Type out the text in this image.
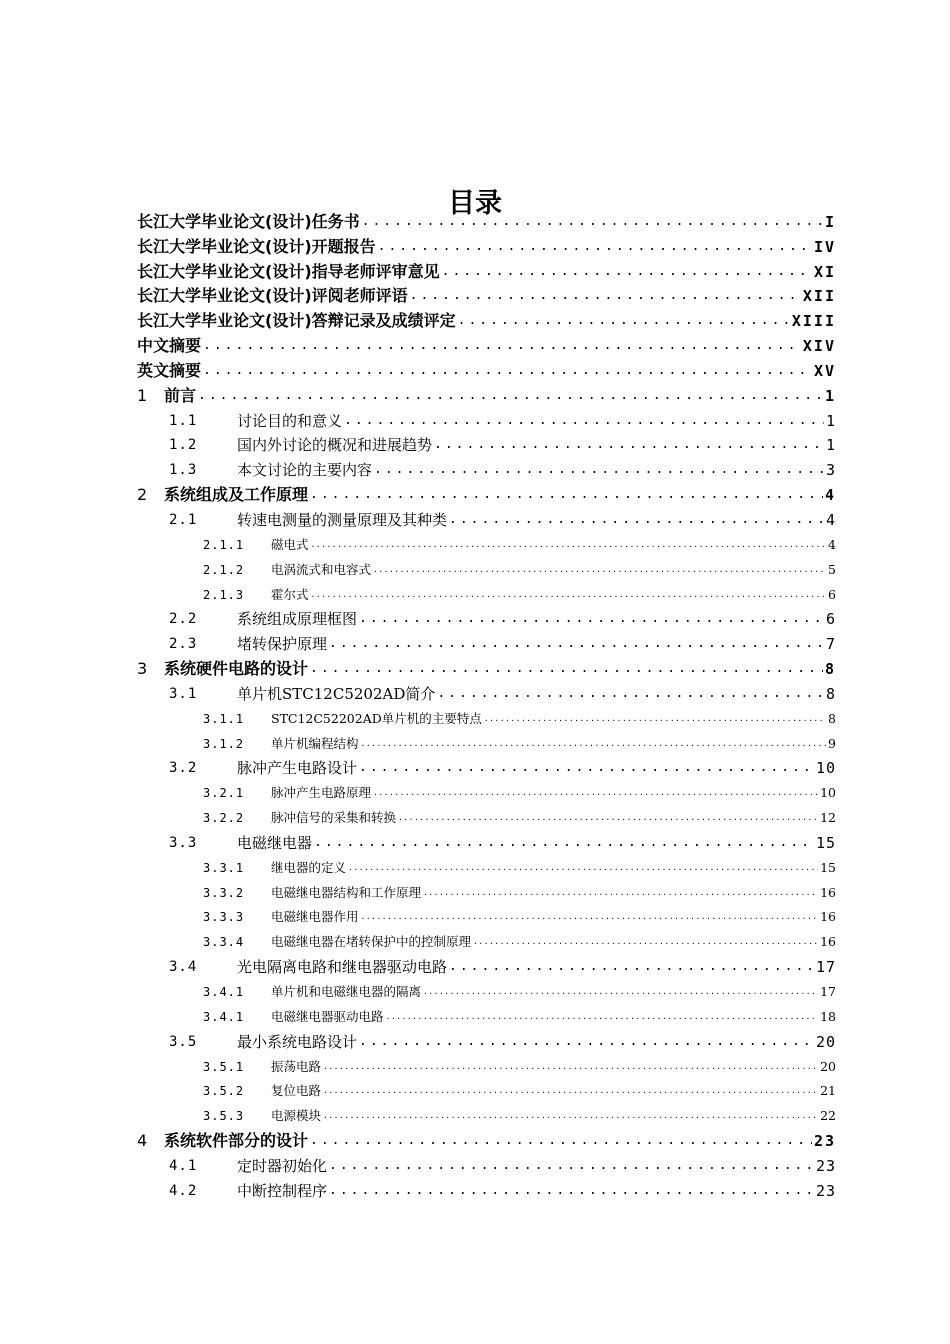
目录
长江大学毕业论文(设计)任务书 .....	I
长江大学毕业论文(设计)开题报告 .....	IV
长江大学毕业论文(设计)指导老师评审意见 .....	XI
长江大学毕业论文(设计)评阅老师评语 .....	XII
长江大学毕业论文(设计)答辩记录及成绩评定 .....	XIII
中文摘要 .....	XIV
英文摘要 .....	XV
1	前言 .....	1
1.1	讨论目的和意义 .....	1
1.2	国内外讨论的概况和进展趋势 .....	1
1.3	本文讨论的主要内容 .....	3
2	系统组成及工作原理 .....	4
2.1	转速电测量的测量原理及其种类 .....	4
2.1.1	磁电式 .....	4
2.1.2	电涡流式和电容式 .....	5
2.1.3	霍尔式 .....	6
2.2	系统组成原理框图 .....	6
2.3	堵转保护原理 .....	7
3	系统硬件电路的设计 .....	8
3.1	单片机STC12C5202AD简介 .....	8
3.1.1	STC12C52202AD单片机的主要特点 .....	8
3.1.2	单片机编程结构 .....	9
3.2	脉冲产生电路设计 .....	10
3.2.1	脉冲产生电路原理 .....	10
3.2.2	脉冲信号的采集和转换 .....	12
3.3	电磁继电器 .....	15
3.3.1	继电器的定义 .....	15
3.3.2	电磁继电器结构和工作原理 .....	16
3.3.3	电磁继电器作用 .....	16
3.3.4	电磁继电器在堵转保护中的控制原理 .....	16
3.4	光电隔离电路和继电器驱动电路 .....	17
3.4.1	单片机和电磁继电器的隔离 .....	17
3.4.1	电磁继电器驱动电路 .....	18
3.5	最小系统电路设计 .....	20
3.5.1	振荡电路 .....	20
3.5.2	复位电路 .....	21
3.5.3	电源模块 .....	22
4	系统软件部分的设计 .....	23
4.1	定时器初始化 .....	23
4.2	中断控制程序 .....	23
